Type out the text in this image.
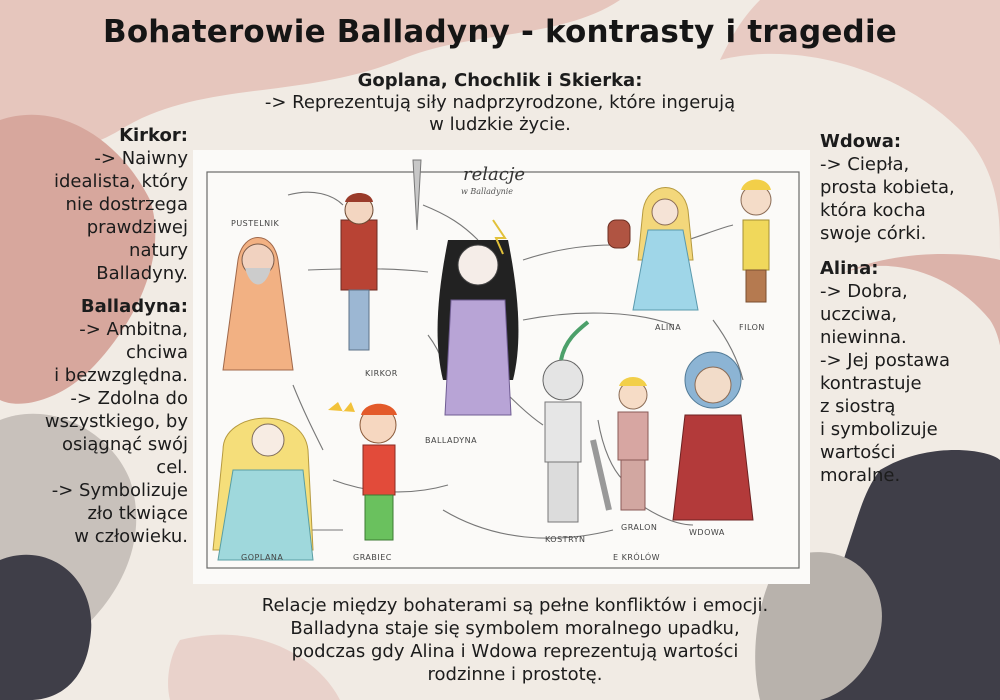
Bohaterowie Balladyny - kontrasty i tragedie
Goplana, Chochlik i Skierka:
-> Reprezentują siły nadprzyrodzone, które ingerują
w ludzkie życie.

Kirkor:

-> Naiwny
idealista, który
nie dostrzega
prawdziwej
natury
Balladyny.

Balladyna:

-> Ambitna,
chciwa
i bezwzględna.
-> Zdolna do
wszystkiego, by
osiągnąć swój
cel.
-> Symbolizuje
zło tkwiące
w człowieku.

Wdowa:

-> Ciepła,
prosta kobieta,
która kocha
swoje córki.

Alina:

-> Dobra,
uczciwa,
niewinna.
-> Jej postawa
kontrastuje
z siostrą
i symbolizuje
wartości
moralne.

relacje
w Balladynie
PUSTELNIK
KIRKOR
BALLADYNA
ALINA	FILON
GOPLANA	GRABIEC
KOSTRYN
GRALON
WDOWA
E KRÓLÓW
Relacje między bohaterami są pełne konfliktów i emocji.
Balladyna staje się symbolem moralnego upadku,
podczas gdy Alina i Wdowa reprezentują wartości
rodzinne i prostotę.
